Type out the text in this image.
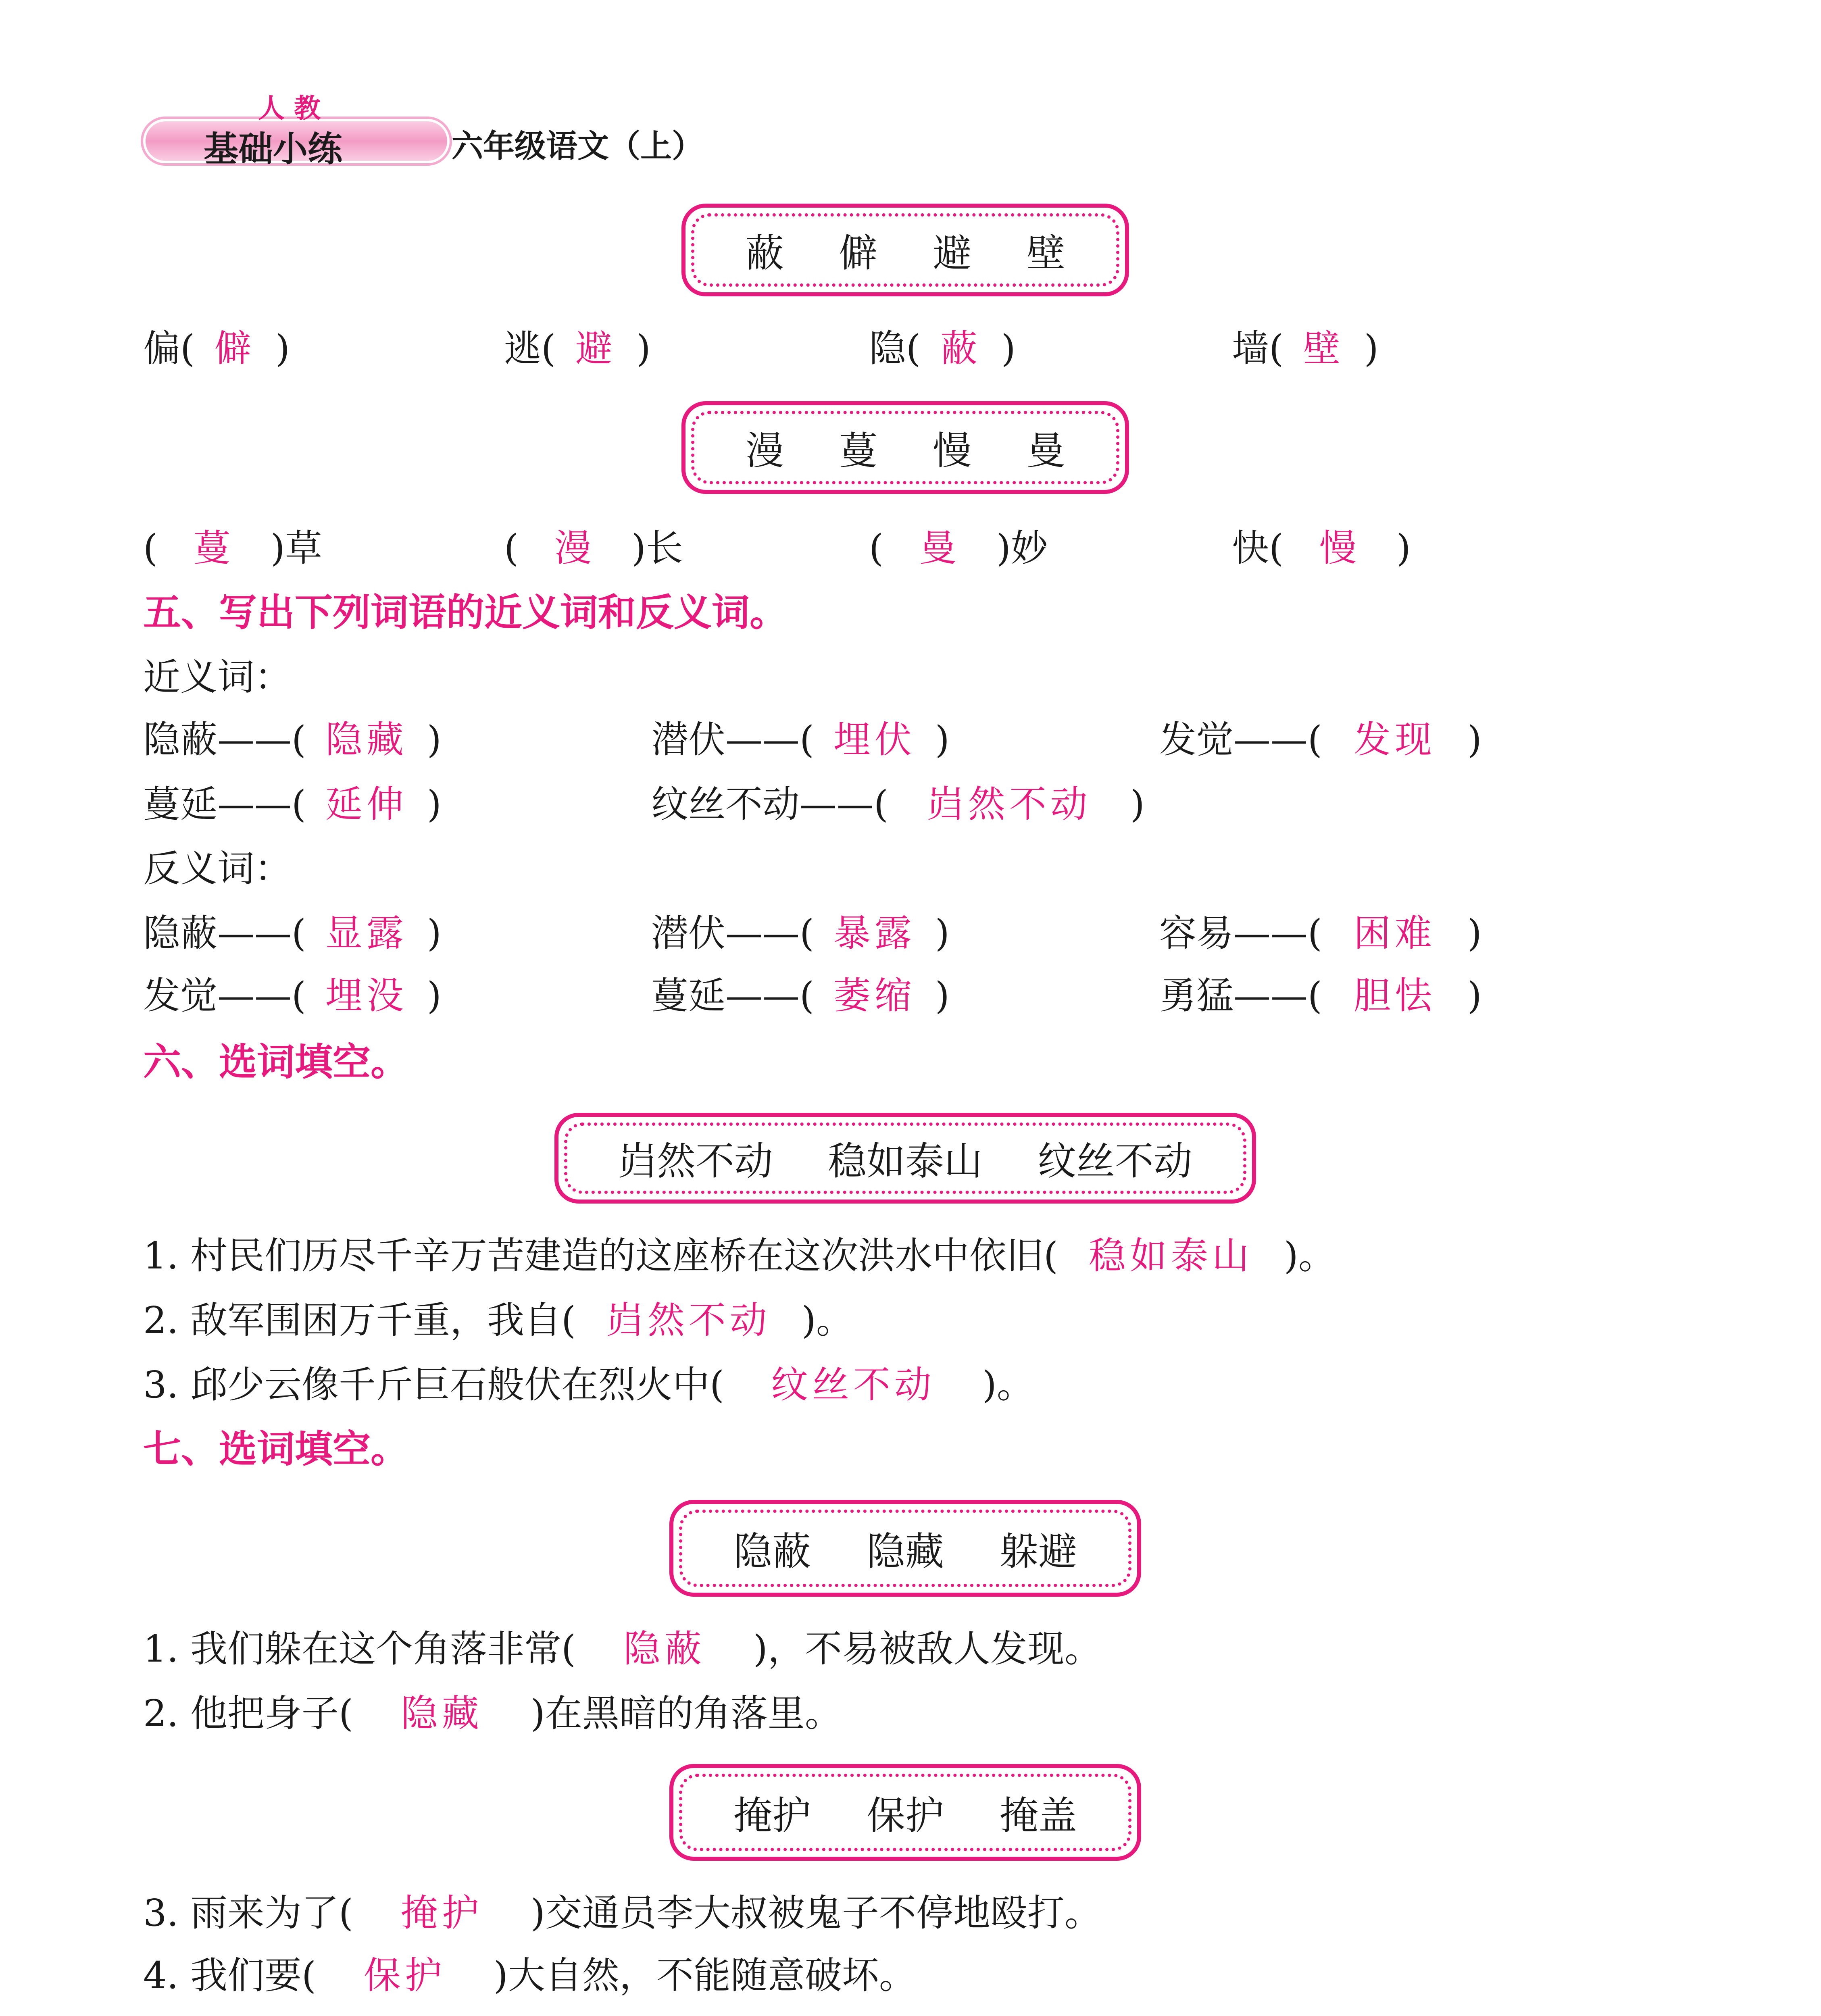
人 教
基础小练	六年级语文（上）
蔽 僻 避 壁
偏( 僻 )	逃( 避 )	隐( 蔽 )	墙( 壁 )
漫 蔓 慢 曼
( 蔓 )草	( 漫 )长	( 曼 )妙	快( 慢 )
五、写出下列词语的近义词和反义词。
近义词：
隐蔽——( 隐藏 )	潜伏——( 埋伏 )	发觉——( 发现 )
蔓延——( 延伸 )	纹丝不动——( 岿然不动 )
反义词：
隐蔽——( 显露 )	潜伏——( 暴露 )	容易——( 困难 )
发觉——( 埋没 )	蔓延——( 萎缩 )	勇猛——( 胆怯 )
六、选词填空。
岿然不动 稳如泰山 纹丝不动
1. 村民们历尽千辛万苦建造的这座桥在这次洪水中依旧( 稳如泰山 )。
2. 敌军围困万千重，我自( 岿然不动 )。
3. 邱少云像千斤巨石般伏在烈火中( 纹丝不动 )。
七、选词填空。
隐蔽 隐藏 躲避
1. 我们躲在这个角落非常( 隐蔽 )，不易被敌人发现。
2. 他把身子( 隐藏 )在黑暗的角落里。
掩护 保护 掩盖
3. 雨来为了( 掩护 )交通员李大叔被鬼子不停地殴打。
4. 我们要( 保护 )大自然，不能随意破坏。
